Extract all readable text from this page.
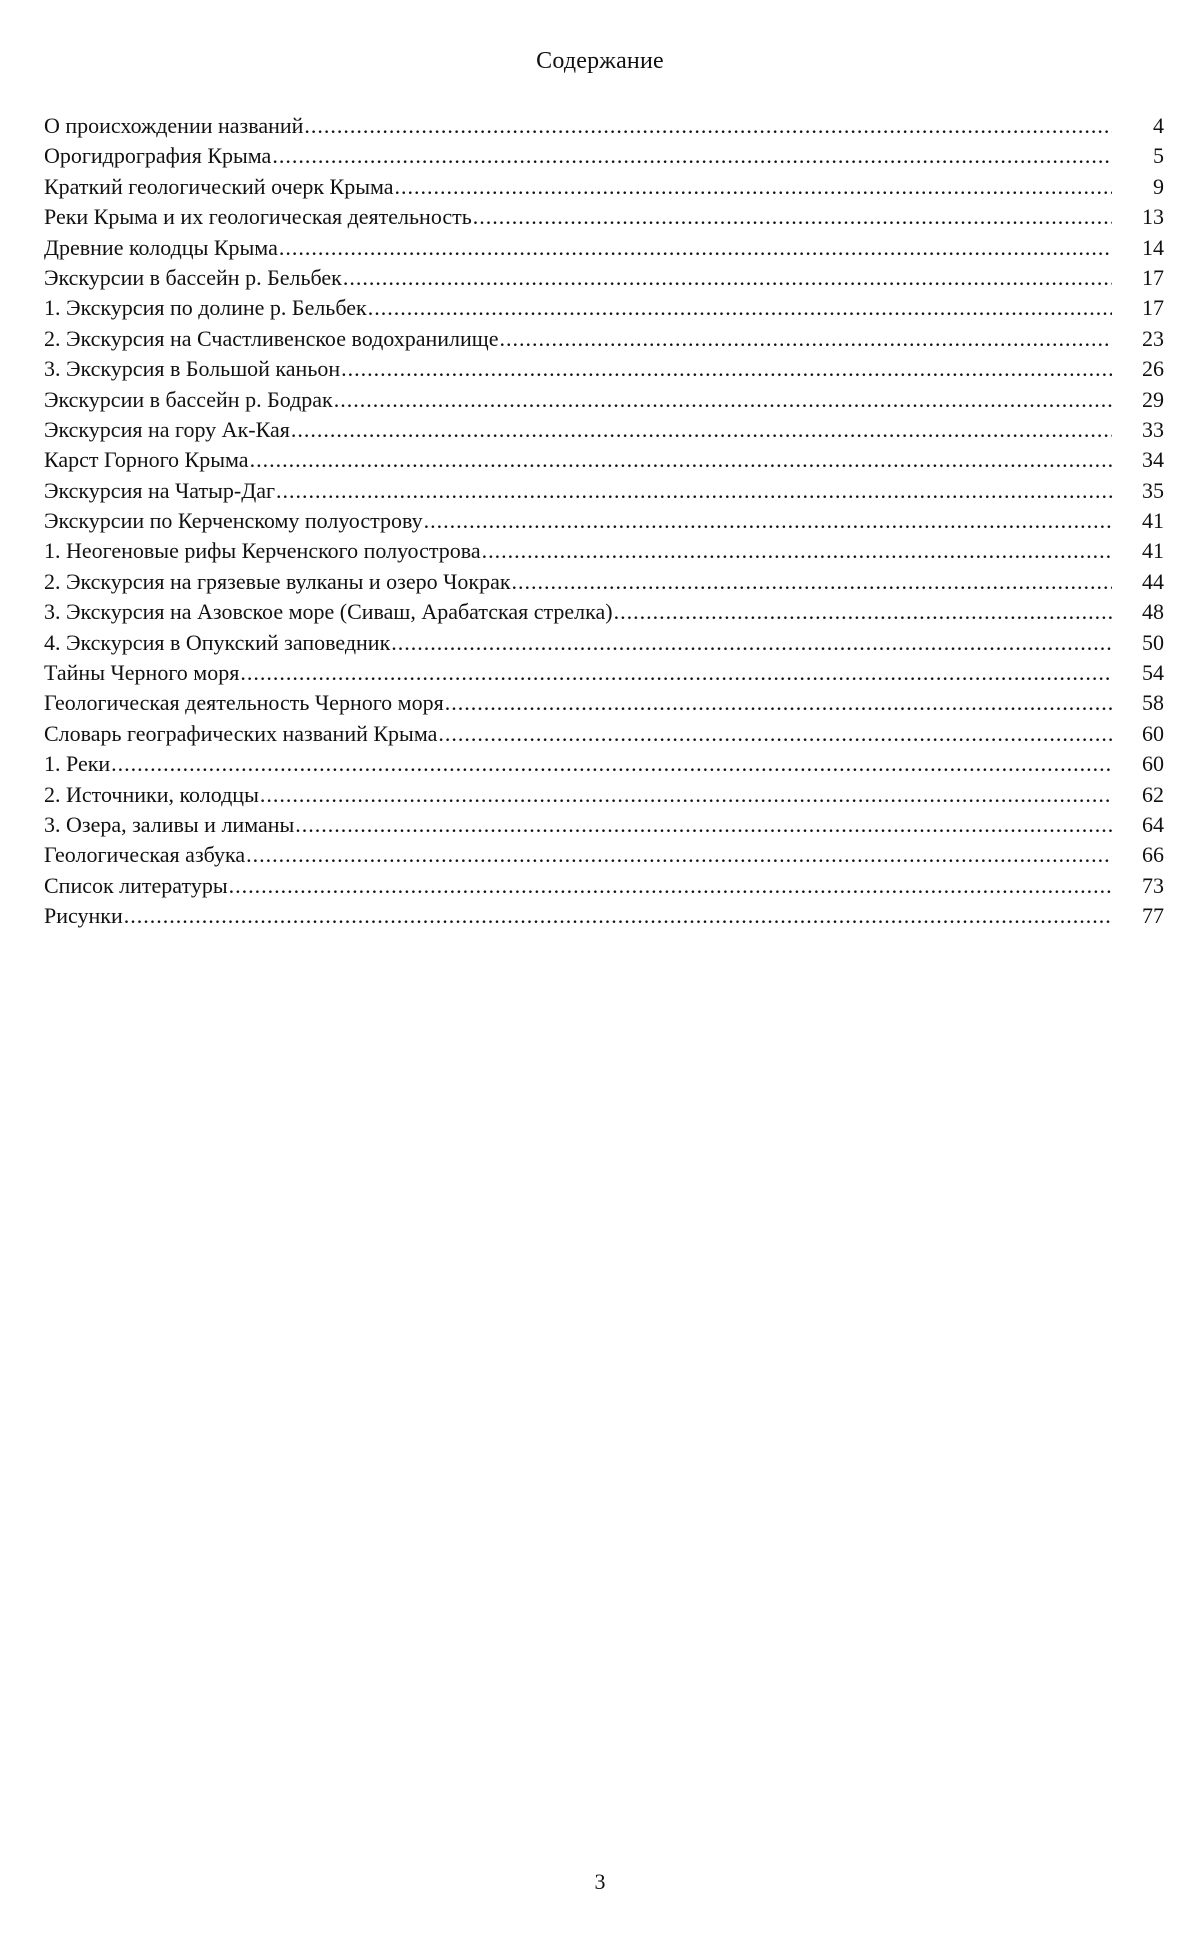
Содержание
О происхождении названий
.....	4
Орогидрография Крыма
.....	5
Краткий геологический очерк Крыма
.....	9
Реки Крыма и их геологическая деятельность
.....	13
Древние колодцы Крыма
.....	14
Экскурсии в бассейн р. Бельбек
.....	17
1. Экскурсия по долине р. Бельбек
.....	17
2. Экскурсия на Счастливенское водохранилище
.....	23
3. Экскурсия в Большой каньон
.....	26
Экскурсии в бассейн р. Бодрак
.....	29
Экскурсия на гору Ак-Кая
.....	33
Карст Горного Крыма
.....	34
Экскурсия на Чатыр-Даг
.....	35
Экскурсии по Керченскому полуострову
.....	41
1. Неогеновые рифы Керченского полуострова
.....	41
2. Экскурсия на грязевые вулканы и озеро Чокрак
.....	44
3. Экскурсия на Азовское море (Сиваш, Арабатская стрелка)
.....	48
4. Экскурсия в Опукский заповедник
.....	50
Тайны Черного моря
.....	54
Геологическая деятельность Черного моря
.....	58
Словарь географических названий Крыма
.....	60
1. Реки
.....	60
2. Источники, колодцы
.....	62
3. Озера, заливы и лиманы
.....	64
Геологическая азбука
.....	66
Список литературы
.....	73
Рисунки
.....	77
3
